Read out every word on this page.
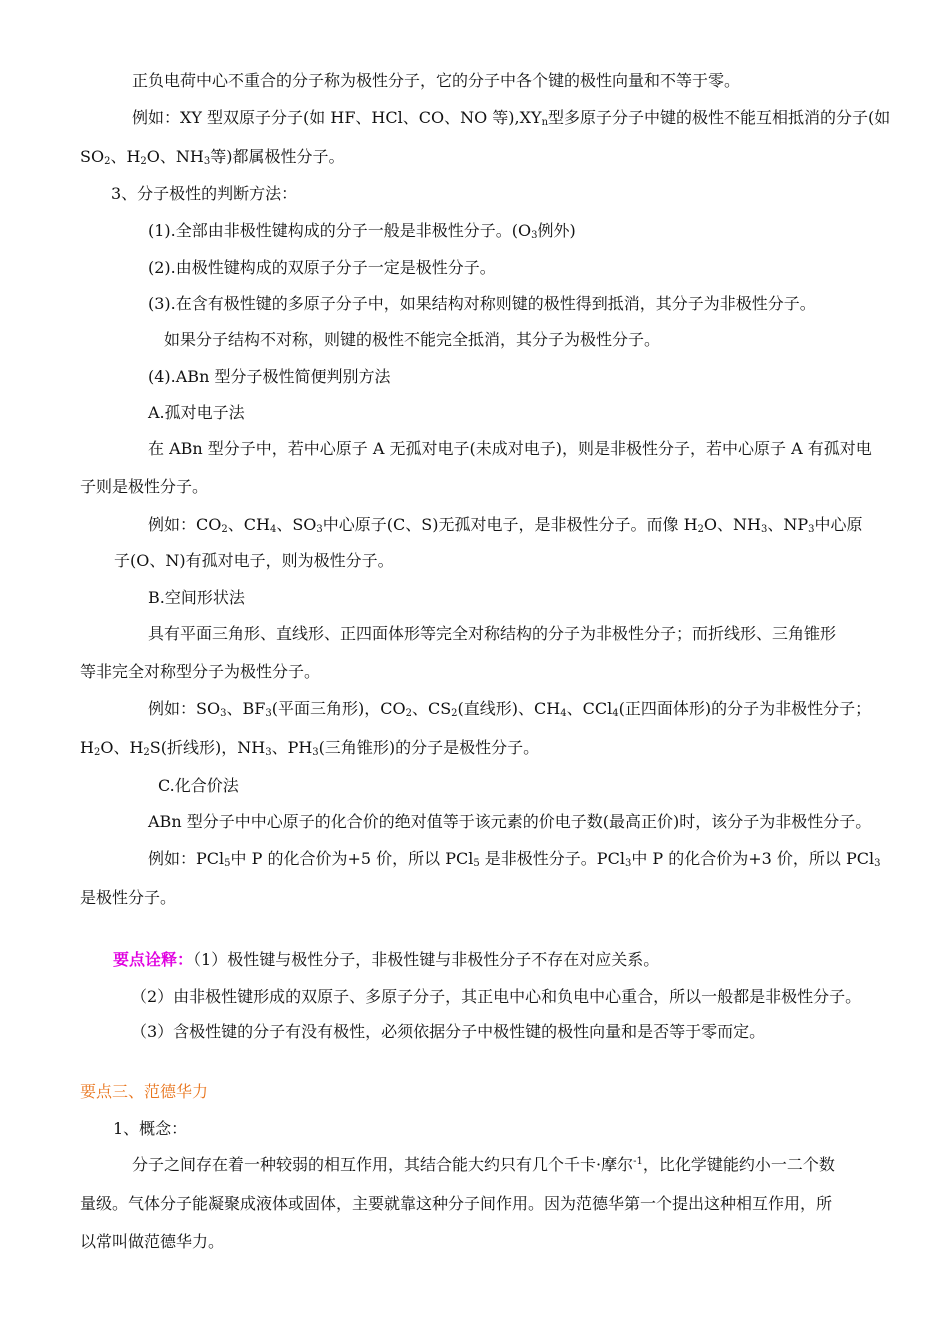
正负电荷中心不重合的分子称为极性分子，它的分子中各个键的极性向量和不等于零。
例如：XY 型双原子分子(如 HF、HCl、CO、NO 等)$,XY_n$型多原子分子中键的极性不能互相抵消的分子(如
$SO_2$、$H_2O$、$NH_3$等)都属极性分子。
3、分子极性的判断方法：
(1).全部由非极性键构成的分子一般是非极性分子。($O_3$例外)
(2).由极性键构成的双原子分子一定是极性分子。
(3).在含有极性键的多原子分子中，如果结构对称则键的极性得到抵消，其分子为非极性分子。
如果分子结构不对称，则键的极性不能完全抵消，其分子为极性分子。
(4).ABn 型分子极性简便判别方法
A.孤对电子法
在 ABn 型分子中，若中心原子 A 无孤对电子(未成对电子)，则是非极性分子，若中心原子 A 有孤对电
子则是极性分子。
例如：$CO_2$、$CH_4$、$SO_3$中心原子(C、S)无孤对电子，是非极性分子。而像 $H_2O$、$NH_3$、$NP_3$中心原
子(O、N)有孤对电子，则为极性分子。
B.空间形状法
具有平面三角形、直线形、正四面体形等完全对称结构的分子为非极性分子；而折线形、三角锥形
等非完全对称型分子为极性分子。
例如：$SO_3$、$BF_3$(平面三角形)，$CO_2$、$CS_2$(直线形)、$CH_4$、CCl$_4$(正四面体形)的分子为非极性分子；
$H_2O$、$H_2S$(折线形)，$NH_3$、$PH_3$(三角锥形)的分子是极性分子。
C.化合价法
ABn 型分子中中心原子的化合价的绝对值等于该元素的价电子数(最高正价)时，该分子为非极性分子。
例如：PCl$_5$中 P 的化合价为+5 价，所以 PCl$_5$ 是非极性分子。PCl$_3$中 P 的化合价为+3 价，所以 PCl$_3$
是极性分子。
要点诠释：（1）极性键与极性分子，非极性键与非极性分子不存在对应关系。
（2）由非极性键形成的双原子、多原子分子，其正电中心和负电中心重合，所以一般都是非极性分子。
（3）含极性键的分子有没有极性，必须依据分子中极性键的极性向量和是否等于零而定。
要点三、范德华力
1、概念：
分子之间存在着一种较弱的相互作用，其结合能大约只有几个千卡·摩尔$^{-1}$，比化学键能约小一二个数
量级。气体分子能凝聚成液体或固体，主要就靠这种分子间作用。因为范德华第一个提出这种相互作用，所
以常叫做范德华力。
